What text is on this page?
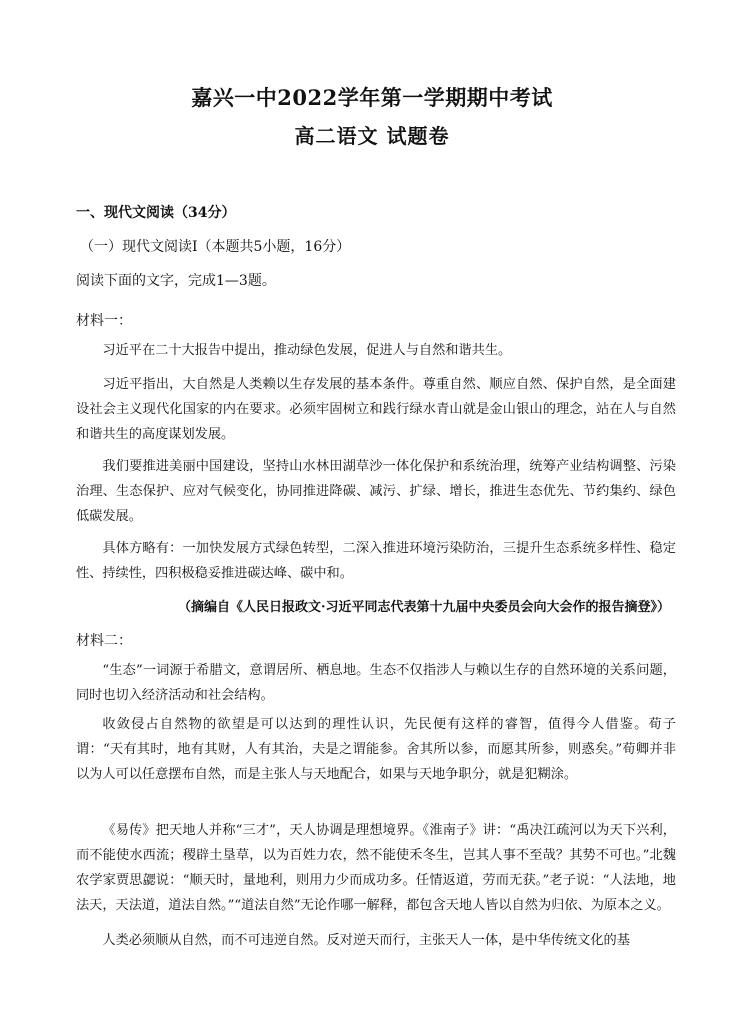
嘉兴一中2022学年第一学期期中考试
高二语文 试题卷
一、现代文阅读（34分）
（一）现代文阅读I（本题共5小题，16分）
阅读下面的文字，完成1—3题。
材料一：
习近平在二十大报告中提出，推动绿色发展，促进人与自然和谐共生。
习近平指出，大自然是人类赖以生存发展的基本条件。尊重自然、顺应自然、保护自然，是全面建设社会主义现代化国家的内在要求。必须牢固树立和践行绿水青山就是金山银山的理念，站在人与自然和谐共生的高度谋划发展。
我们要推进美丽中国建设，坚持山水林田湖草沙一体化保护和系统治理，统筹产业结构调整、污染治理、生态保护、应对气候变化，协同推进降碳、减污、扩绿、增长，推进生态优先、节约集约、绿色低碳发展。
具体方略有：一加快发展方式绿色转型，二深入推进环境污染防治，三提升生态系统多样性、稳定性、持续性，四积极稳妥推进碳达峰、碳中和。
（摘编自《人民日报政文·习近平同志代表第十九届中央委员会向大会作的报告摘登》）
材料二：
“生态”一词源于希腊文，意谓居所、栖息地。生态不仅指涉人与赖以生存的自然环境的关系问题，同时也切入经济活动和社会结构。
收敛侵占自然物的欲望是可以达到的理性认识，先民便有这样的睿智，值得今人借鉴。荀子谓：“天有其时，地有其财，人有其治，夫是之谓能参。舍其所以参，而愿其所参，则惑矣。”荀卿并非以为人可以任意摆布自然，而是主张人与天地配合，如果与天地争职分，就是犯糊涂。
《易传》把天地人并称“三才”，天人协调是理想境界。《淮南子》讲：“禹决江疏河以为天下兴利，而不能使水西流；稷辟土垦草，以为百姓力农，然不能使禾冬生，岂其人事不至哉？其势不可也。”北魏农学家贾思勰说：“顺天时，量地利，则用力少而成功多。任情返道，劳而无获。”老子说：“人法地，地法天，天法道，道法自然。”“道法自然”无论作哪一解释，都包含天地人皆以自然为归依、为原本之义。
人类必须顺从自然，而不可违逆自然。反对逆天而行，主张天人一体，是中华传统文化的基
